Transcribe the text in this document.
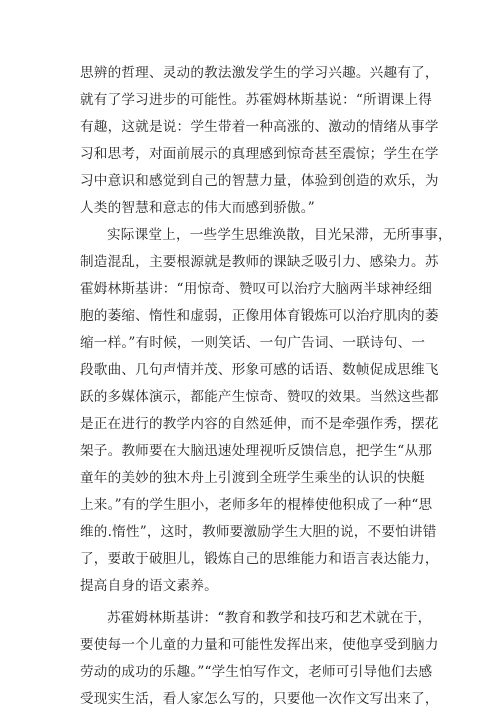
思辨的哲理、灵动的教法激发学生的学习兴趣。兴趣有了，
就有了学习进步的可能性。苏霍姆林斯基说：“所谓课上得
有趣，这就是说：学生带着一种高涨的、激动的情绪从事学
习和思考，对面前展示的真理感到惊奇甚至震惊；学生在学
习中意识和感觉到自己的智慧力量，体验到创造的欢乐，为
人类的智慧和意志的伟大而感到骄傲。”
实际课堂上，一些学生思维涣散，目光呆滞，无所事事，
制造混乱，主要根源就是教师的课缺乏吸引力、感染力。苏
霍姆林斯基讲：“用惊奇、赞叹可以治疗大脑两半球神经细
胞的萎缩、惰性和虚弱，正像用体育锻炼可以治疗肌肉的萎
缩一样。”有时候，一则笑话、一句广告词、一联诗句、一
段歌曲、几句声情并茂、形象可感的话语、数帧促成思维飞
跃的多媒体演示，都能产生惊奇、赞叹的效果。当然这些都
是正在进行的教学内容的自然延伸，而不是牵强作秀，摆花
架子。教师要在大脑迅速处理视听反馈信息，把学生“从那
童年的美妙的独木舟上引渡到全班学生乘坐的认识的快艇
上来。”有的学生胆小，老师多年的棍棒使他积成了一种“思
维的.惰性”，这时，教师要激励学生大胆的说，不要怕讲错
了，要敢于破胆儿，锻炼自己的思维能力和语言表达能力，
提高自身的语文素养。
苏霍姆林斯基讲：“教育和教学和技巧和艺术就在于，
要使每一个儿童的力量和可能性发挥出来，使他享受到脑力
劳动的成功的乐趣。”“学生怕写作文，老师可引导他们去感
受现实生活，看人家怎么写的，只要他一次作文写出来了，
